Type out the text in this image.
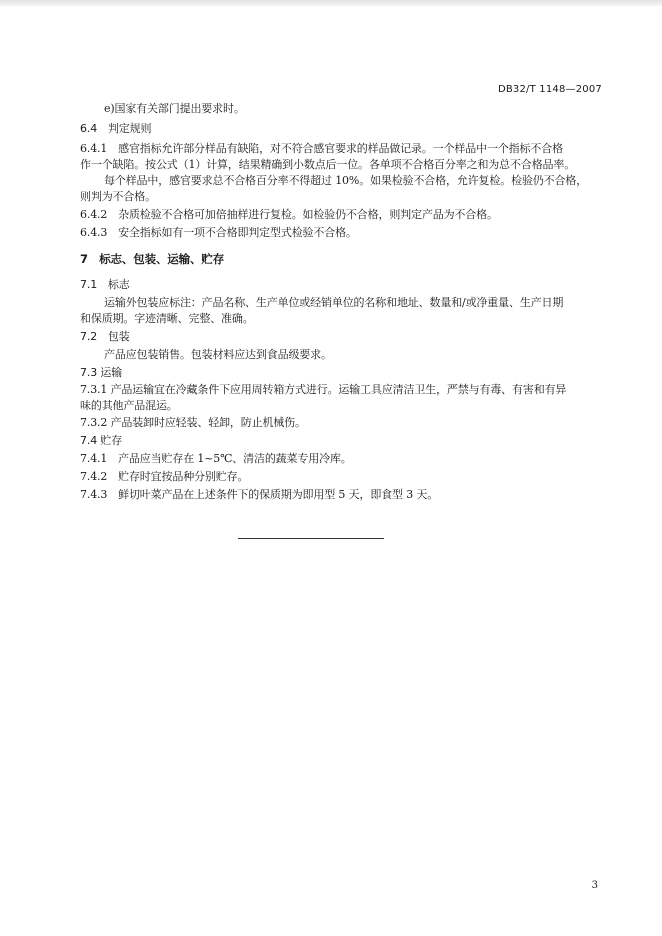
DB32/T 1148—2007
e)国家有关部门提出要求时。
6.4　判定规则
6.4.1　感官指标允许部分样品有缺陷，对不符合感官要求的样品做记录。一个样品中一个指标不合格
作一个缺陷。按公式（1）计算，结果精确到小数点后一位。各单项不合格百分率之和为总不合格品率。
每个样品中，感官要求总不合格百分率不得超过 10%。如果检验不合格，允许复检。检验仍不合格，
则判为不合格。
6.4.2　杂质检验不合格可加倍抽样进行复检。如检验仍不合格，则判定产品为不合格。
6.4.3　安全指标如有一项不合格即判定型式检验不合格。
7　标志、包装、运输、贮存
7.1　标志
运输外包装应标注：产品名称、生产单位或经销单位的名称和地址、数量和/或净重量、生产日期
和保质期。字迹清晰、完整、准确。
7.2　包装
产品应包装销售。包装材料应达到食品级要求。
7.3 运输
7.3.1 产品运输宜在冷藏条件下应用周转箱方式进行。运输工具应清洁卫生，严禁与有毒、有害和有异
味的其他产品混运。
7.3.2 产品装卸时应轻装、轻卸，防止机械伤。
7.4 贮存
7.4.1　产品应当贮存在 1~5℃、清洁的蔬菜专用冷库。
7.4.2　贮存时宜按品种分别贮存。
7.4.3　鲜切叶菜产品在上述条件下的保质期为即用型 5 天，即食型 3 天。
3
